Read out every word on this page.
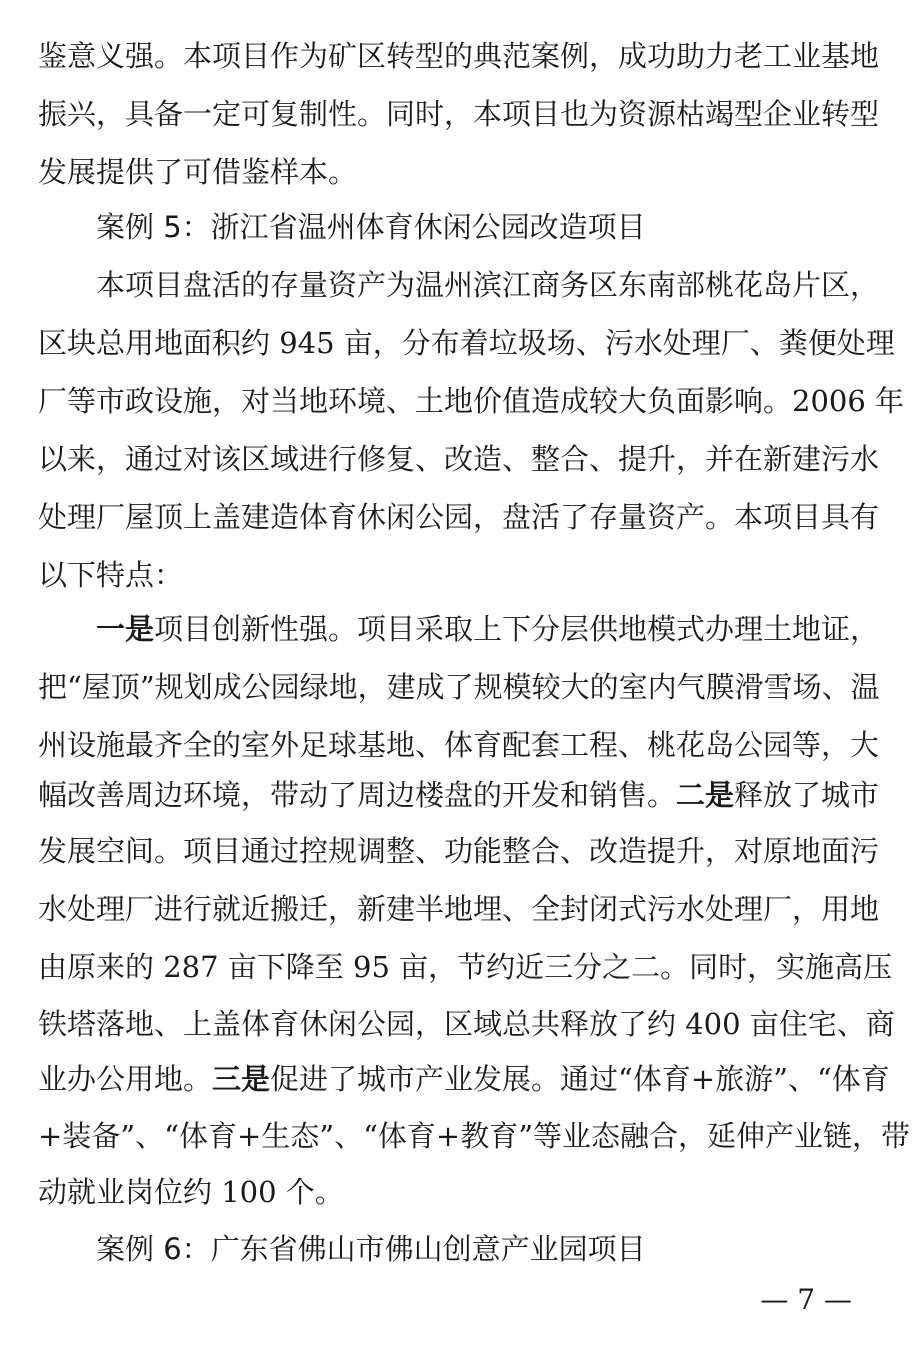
鉴意义强。本项目作为矿区转型的典范案例，成功助力老工业基地
振兴，具备一定可复制性。同时，本项目也为资源枯竭型企业转型
发展提供了可借鉴样本。
案例 5：浙江省温州体育休闲公园改造项目
本项目盘活的存量资产为温州滨江商务区东南部桃花岛片区，
区块总用地面积约 945 亩，分布着垃圾场、污水处理厂、粪便处理
厂等市政设施，对当地环境、土地价值造成较大负面影响。2006 年
以来，通过对该区域进行修复、改造、整合、提升，并在新建污水
处理厂屋顶上盖建造体育休闲公园，盘活了存量资产。本项目具有
以下特点：
一是项目创新性强。项目采取上下分层供地模式办理土地证，
把“屋顶”规划成公园绿地，建成了规模较大的室内气膜滑雪场、温
州设施最齐全的室外足球基地、体育配套工程、桃花岛公园等，大
幅改善周边环境，带动了周边楼盘的开发和销售。二是释放了城市
发展空间。项目通过控规调整、功能整合、改造提升，对原地面污
水处理厂进行就近搬迁，新建半地埋、全封闭式污水处理厂，用地
由原来的 287 亩下降至 95 亩，节约近三分之二。同时，实施高压
铁塔落地、上盖体育休闲公园，区域总共释放了约 400 亩住宅、商
业办公用地。三是促进了城市产业发展。通过“体育+旅游”、“体育
+装备”、“体育+生态”、“体育+教育”等业态融合，延伸产业链，带
动就业岗位约 100 个。
案例 6：广东省佛山市佛山创意产业园项目
— 7 —
